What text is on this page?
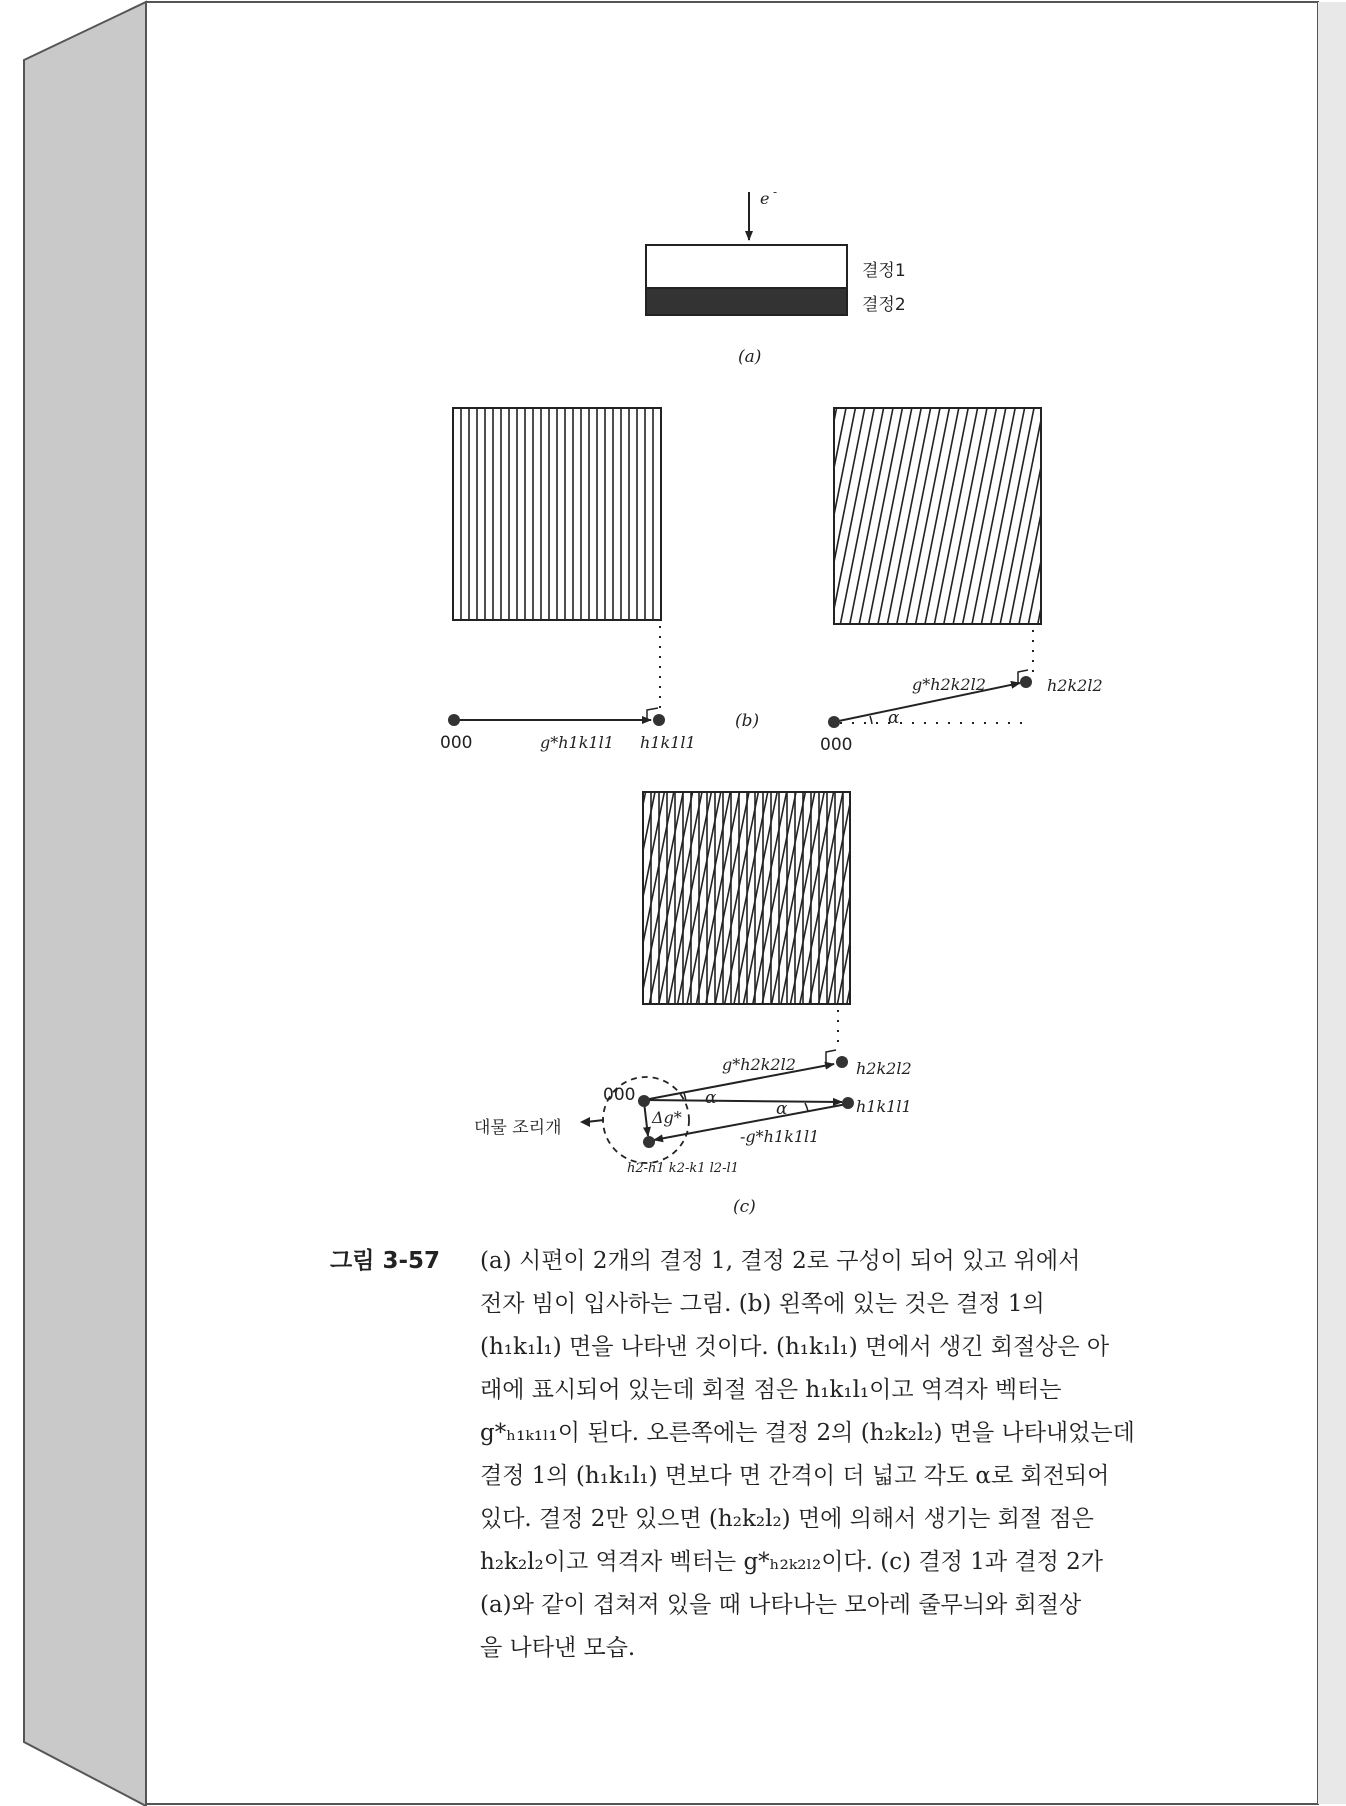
e -
결정1
결정2
(a)
000	g*h1k1l1 h1k1l1
(b)
000
g*h2k2l2	h2k2l2
α
000
g*h2k2l2
-g*h1k1l1
Δg*
h2k2l2
h1k1l1
h2-h1 k2-k1 l2-l1
α
α
대물 조리개
(c)
그림 3-57 (a) 시편이 2개의 결정 1, 결정 2로 구성이 되어 있고 위에서
전자 빔이 입사하는 그림. (b) 왼쪽에 있는 것은 결정 1의
(h₁k₁l₁) 면을 나타낸 것이다. (h₁k₁l₁) 면에서 생긴 회절상은 아
래에 표시되어 있는데 회절 점은 h₁k₁l₁이고 역격자 벡터는
g*ₕ₁ₖ₁ₗ₁이 된다. 오른쪽에는 결정 2의 (h₂k₂l₂) 면을 나타내었는데
결정 1의 (h₁k₁l₁) 면보다 면 간격이 더 넓고 각도 α로 회전되어
있다. 결정 2만 있으면 (h₂k₂l₂) 면에 의해서 생기는 회절 점은
h₂k₂l₂이고 역격자 벡터는 g*ₕ₂ₖ₂ₗ₂이다. (c) 결정 1과 결정 2가
(a)와 같이 겹쳐져 있을 때 나타나는 모아레 줄무늬와 회절상
을 나타낸 모습.
